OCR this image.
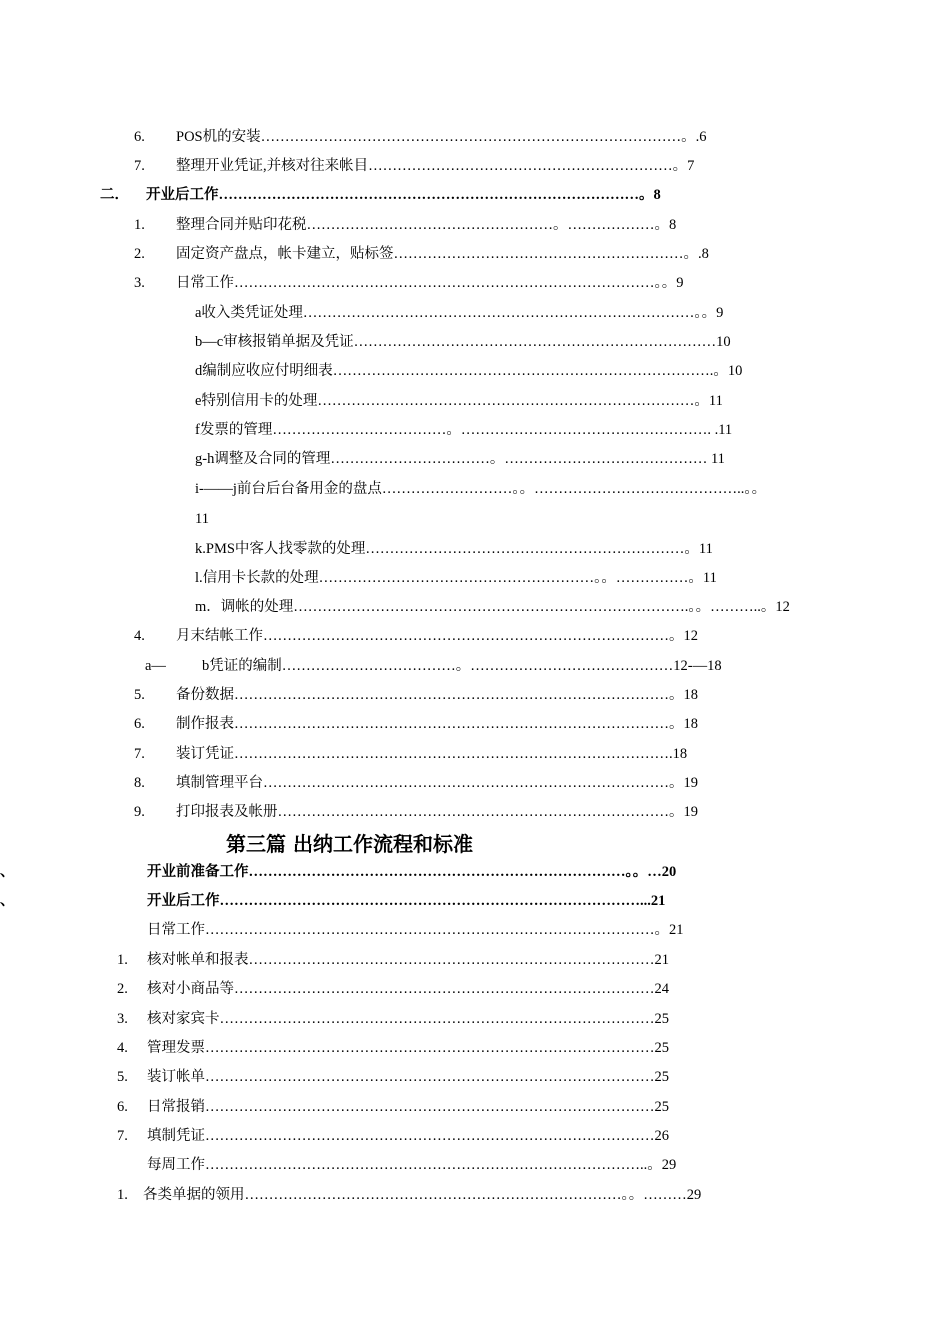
6. POS机的安装……………………………………………………………………………。.6
7. 整理开业凭证,并核对往来帐目………………………………………………………。7
二． 开业后工作……………………………………………………………………………。8
1. 整理合同并贴印花税……………………………………………。………………。8
2. 固定资产盘点，帐卡建立，贴标签……………………………………………………。.8
3. 日常工作……………………………………………………………………………。。9
a收入类凭证处理………………………………………………………………………。。9
b—c审核报销单据及凭证…………………………………………………………………10
d编制应收应付明细表…………………………………………………………………….。10
e特别信用卡的处理……………………………………………………………………。11
f发票的管理………………………………。……………………………………………. .11
g-h调整及合同的管理……………………………。…………………………………… 11
i-——j前台后台备用金的盘点………………………。。……………………………………..。。
11
k.PMS中客人找零款的处理…………………………………………………………。11
l.信用卡长款的处理…………………………………………………。。……………。11
m．调帐的处理……………………………………………………………………….。。………..。12
4. 月末结帐工作…………………………………………………………………………。12
a— b凭证的编制………………………………。……………………………………12-—18
5. 备份数据………………………………………………………………………………。18
6. 制作报表………………………………………………………………………………。18
7. 装订凭证……………………………………………………………………………….18
8. 填制管理平台…………………………………………………………………………。19
9. 打印报表及帐册………………………………………………………………………。19
第三篇 出纳工作流程和标准
、	开业前准备工作……………………………………………………………………。。…20
、	开业后工作……………………………………………………………………………...21
日常工作…………………………………………………………………………………。21
1. 核对帐单和报表…………………………………………………………………………21
2. 核对小商品等……………………………………………………………………………24
3. 核对家宾卡………………………………………………………………………………25
4. 管理发票…………………………………………………………………………………25
5. 装订帐单…………………………………………………………………………………25
6. 日常报销…………………………………………………………………………………25
7. 填制凭证…………………………………………………………………………………26
每周工作………………………………………………………………………………..。29
1. 各类单据的领用……………………………………………………………………。。………29
